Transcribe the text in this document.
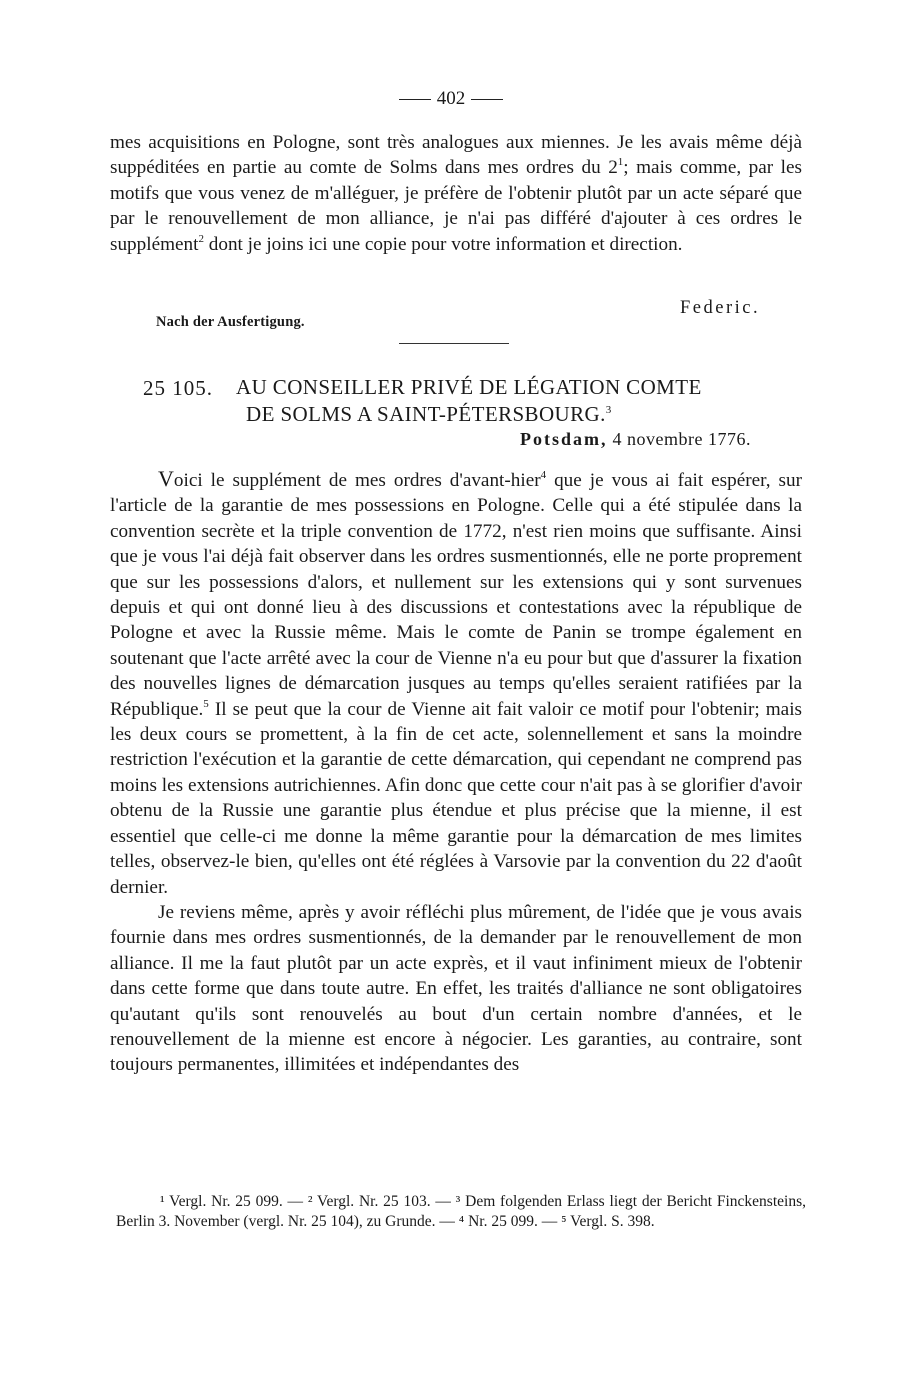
402

mes acquisitions en Pologne, sont très analogues aux miennes. Je les avais même déjà suppéditées en partie au comte de Solms dans mes ordres du $2^1$; mais comme, par les motifs que vous venez de m'alléguer, je préfère de l'obtenir plutôt par un acte séparé que par le renouvellement de mon alliance, je n'ai pas différé d'ajouter à ces ordres le supplément$^2$ dont je joins ici une copie pour votre information et direction.

Federic.
Nach der Ausfertigung.
25 105. AU CONSEILLER PRIVÉ DE LÉGATION COMTE
DE SOLMS A SAINT-PÉTERSBOURG.$^3$
Potsdam, 4 novembre 1776.

Voici le supplément de mes ordres d'avant-hier$^4$ que je vous ai fait espérer, sur l'article de la garantie de mes possessions en Pologne. Celle qui a été stipulée dans la convention secrète et la triple convention de 1772, n'est rien moins que suffisante. Ainsi que je vous l'ai déjà fait observer dans les ordres susmentionnés, elle ne porte proprement que sur les possessions d'alors, et nullement sur les extensions qui y sont survenues depuis et qui ont donné lieu à des discussions et contestations avec la république de Pologne et avec la Russie même. Mais le comte de Panin se trompe également en soutenant que l'acte arrêté avec la cour de Vienne n'a eu pour but que d'assurer la fixation des nouvelles lignes de démarcation jusques au temps qu'elles seraient ratifiées par la République.$^5$ Il se peut que la cour de Vienne ait fait valoir ce motif pour l'obtenir; mais les deux cours se promettent, à la fin de cet acte, solennellement et sans la moindre restriction l'exécution et la garantie de cette démarcation, qui cependant ne comprend pas moins les extensions autrichiennes. Afin donc que cette cour n'ait pas à se glorifier d'avoir obtenu de la Russie une garantie plus étendue et plus précise que la mienne, il est essentiel que celle-ci me donne la même garantie pour la démarcation de mes limites telles, observez-le bien, qu'elles ont été réglées à Varsovie par la convention du 22 d'août dernier.

Je reviens même, après y avoir réfléchi plus mûrement, de l'idée que je vous avais fournie dans mes ordres susmentionnés, de la demander par le renouvellement de mon alliance. Il me la faut plutôt par un acte exprès, et il vaut infiniment mieux de l'obtenir dans cette forme que dans toute autre. En effet, les traités d'alliance ne sont obligatoires qu'autant qu'ils sont renouvelés au bout d'un certain nombre d'années, et le renouvellement de la mienne est encore à négocier. Les garanties, au contraire, sont toujours permanentes, illimitées et indépendantes des

¹ Vergl. Nr. 25 099. — ² Vergl. Nr. 25 103. — ³ Dem folgenden Erlass liegt der Bericht Finckensteins, Berlin 3. November (vergl. Nr. 25 104), zu Grunde. — ⁴ Nr. 25 099. — ⁵ Vergl. S. 398.
